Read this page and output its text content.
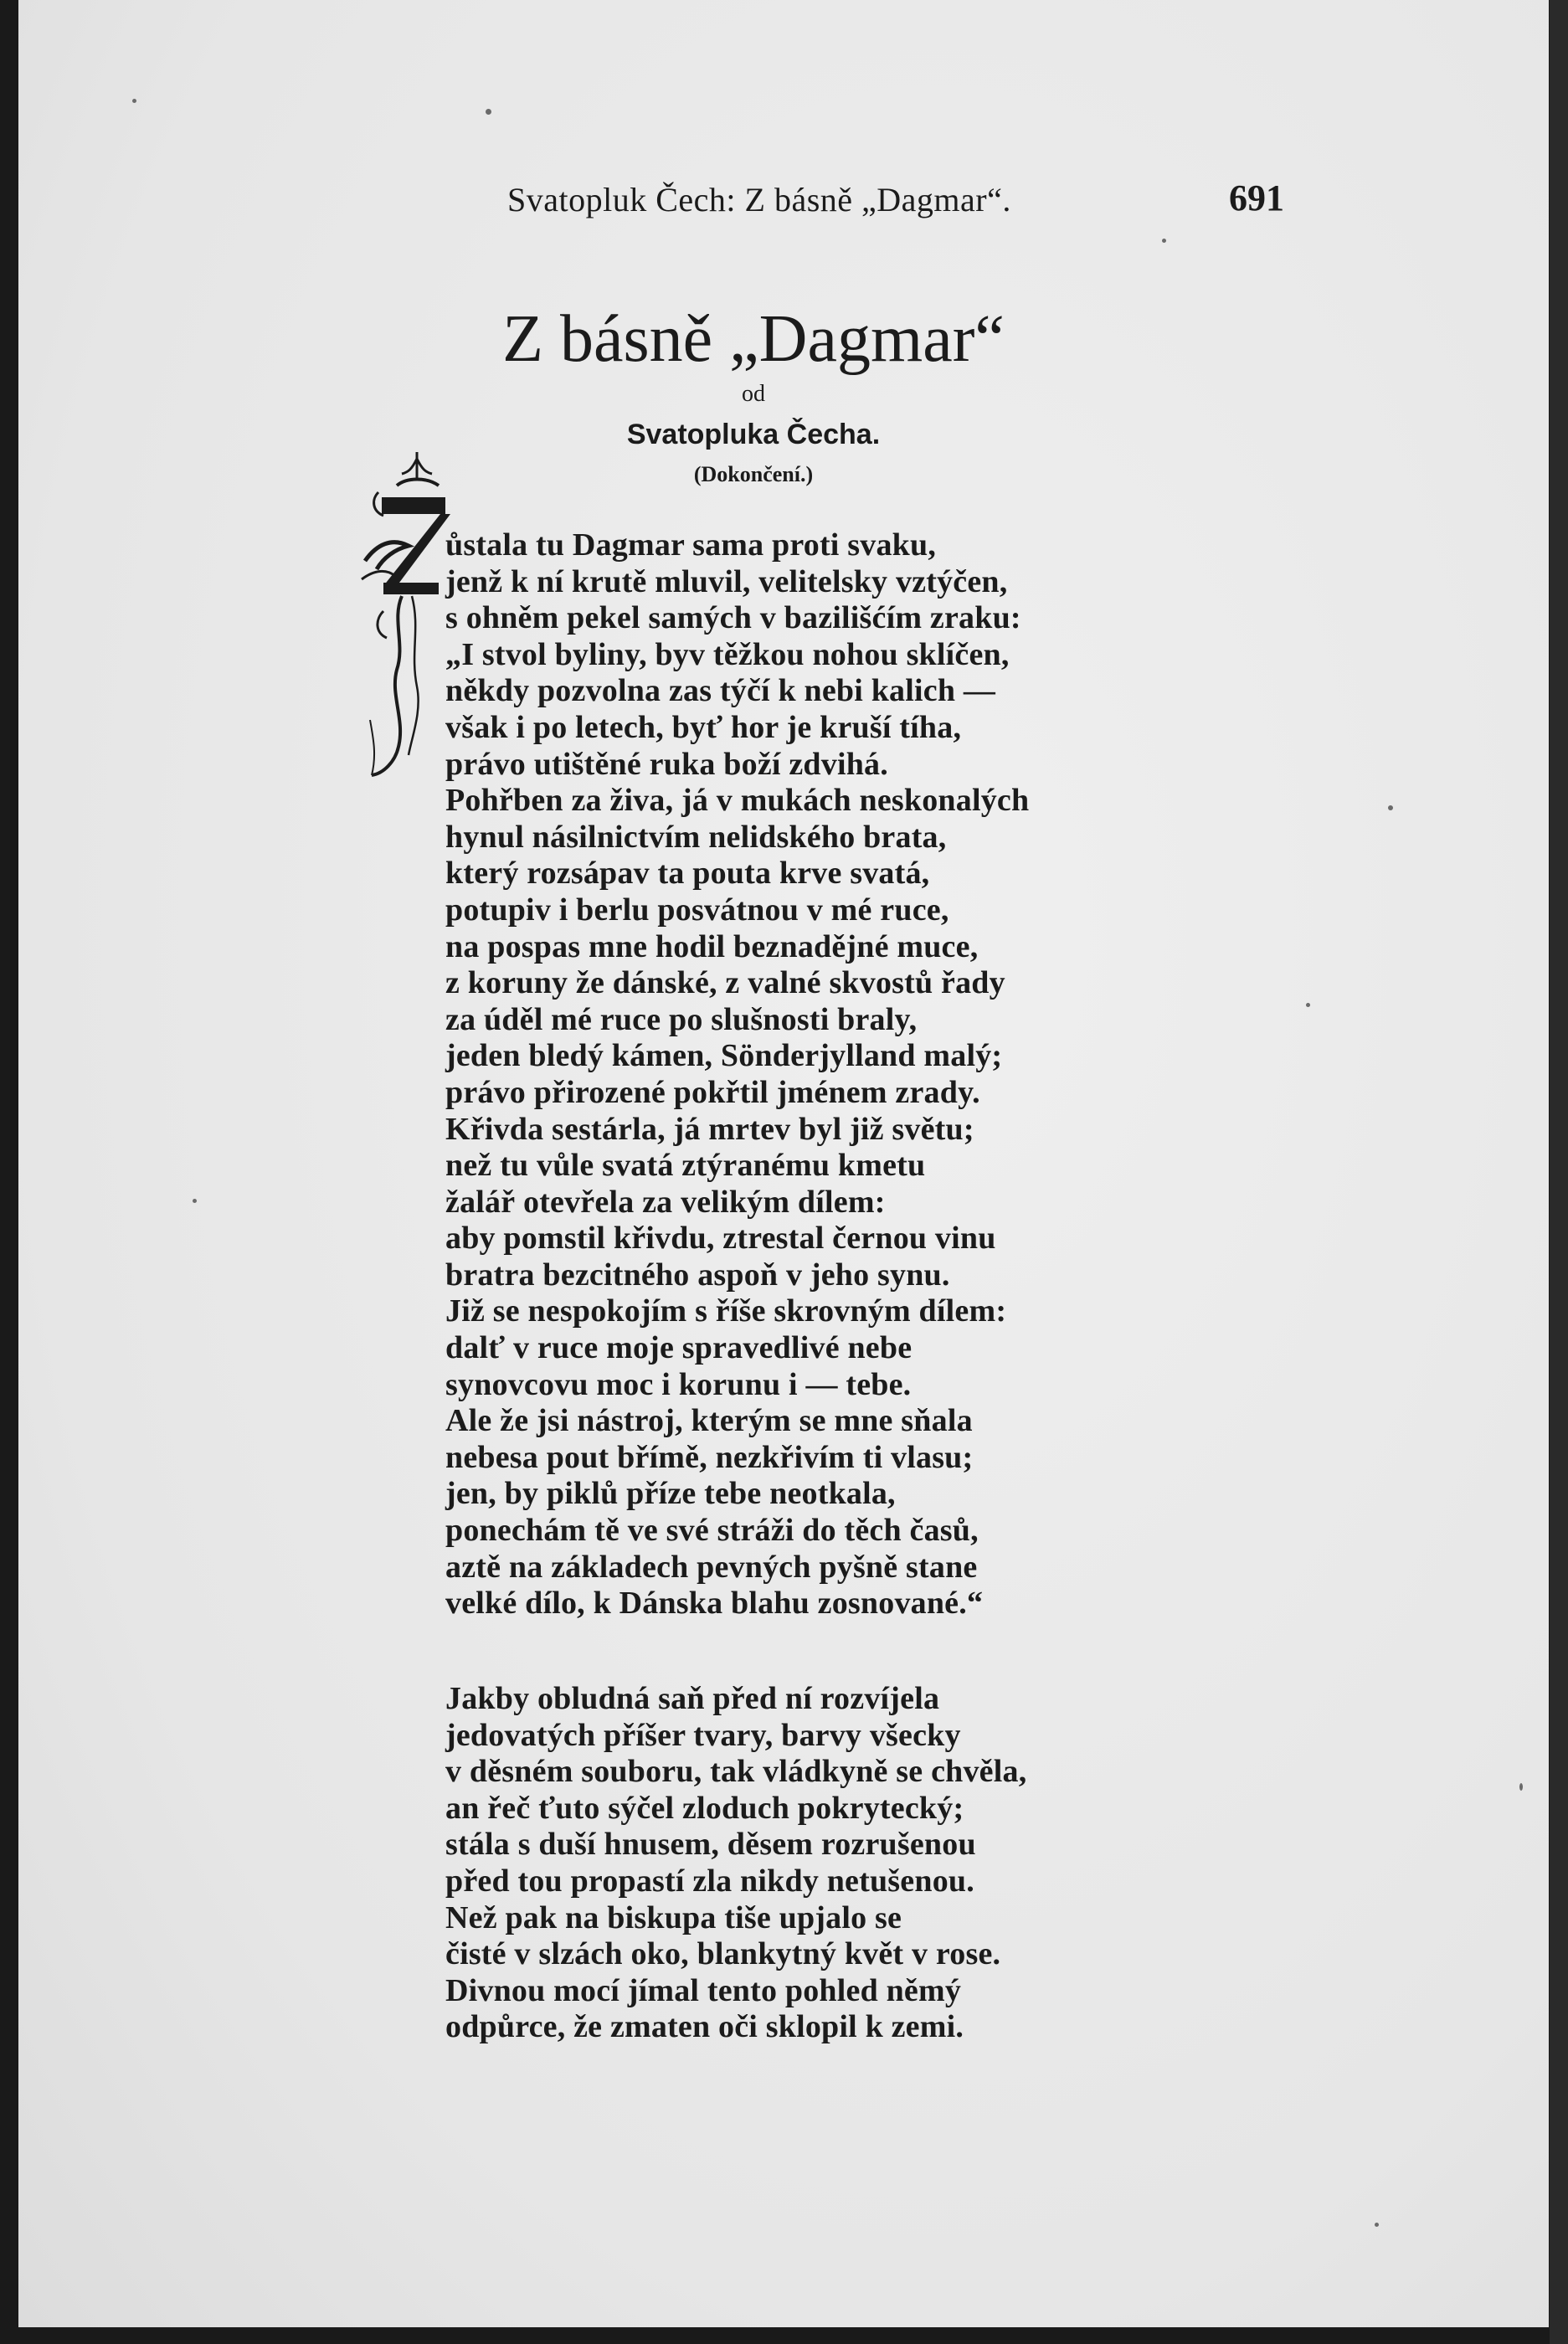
Svatopluk Čech: Z básně „Dagmar“.	691
Z básně „Dagmar“
od
Svatopluka Čecha.
(Dokončení.)
ůstala tu Dagmar sama proti svaku,
jenž k ní krutě mluvil, velitelsky vztýčen,
s ohněm pekel samých v bazilišćím zraku:
„I stvol byliny, byv těžkou nohou sklíčen,
někdy pozvolna zas týčí k nebi kalich —
však i po letech, byť hor je kruší tíha,
právo utištěné ruka boží zdvihá.
Pohřben za živa, já v mukách neskonalých
hynul násilnictvím nelidského brata,
který rozsápav ta pouta krve svatá,
potupiv i berlu posvátnou v mé ruce,
na pospas mne hodil beznadějné muce,
z koruny že dánské, z valné skvostů řady
za úděl mé ruce po slušnosti braly,
jeden bledý kámen, Sönderjylland malý;
právo přirozené pokřtil jménem zrady.
Křivda sestárla, já mrtev byl již světu;
než tu vůle svatá ztýranému kmetu
žalář otevřela za velikým dílem:
aby pomstil křivdu, ztrestal černou vinu
bratra bezcitného aspoň v jeho synu.
Již se nespokojím s říše skrovným dílem:
dalť v ruce moje spravedlivé nebe
synovcovu moc i korunu i — tebe.
Ale že jsi nástroj, kterým se mne sňala
nebesa pout břímě, nezkřivím ti vlasu;
jen, by piklů příze tebe neotkala,
ponechám tě ve své stráži do těch časů,
aztě na základech pevných pyšně stane
velké dílo, k Dánska blahu zosnované.“
Jakby obludná saň před ní rozvíjela
jedovatých příšer tvary, barvy všecky
v děsném souboru, tak vládkyně se chvěla,
an řeč ťuto sýčel zloduch pokrytecký;
stála s duší hnusem, děsem rozrušenou
před tou propastí zla nikdy netušenou.
Než pak na biskupa tiše upjalo se
čisté v slzách oko, blankytný květ v rose.
Divnou mocí jímal tento pohled němý
odpůrce, že zmaten oči sklopil k zemi.
